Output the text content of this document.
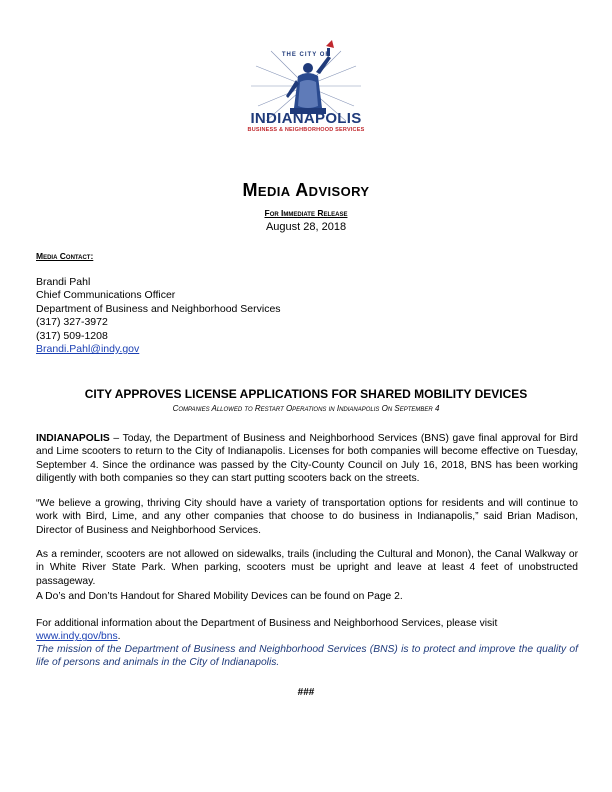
THE CITY OF
INDIANAPOLIS
BUSINESS & NEIGHBORHOOD SERVICES
Media Advisory
For Immediate Release
August 28, 2018
Media Contact:
Brandi Pahl
Chief Communications Officer
Department of Business and Neighborhood Services
(317) 327-3972
(317) 509-1208
Brandi.Pahl@indy.gov
CITY APPROVES LICENSE APPLICATIONS FOR SHARED MOBILITY DEVICES
Companies Allowed to Restart Operations in Indianapolis On September 4
INDIANAPOLIS – Today, the Department of Business and Neighborhood Services (BNS) gave final approval for Bird and Lime scooters to return to the City of Indianapolis. Licenses for both companies will become effective on Tuesday, September 4. Since the ordinance was passed by the City-County Council on July 16, 2018, BNS has been working diligently with both companies so they can start putting scooters back on the streets.
“We believe a growing, thriving City should have a variety of transportation options for residents and will continue to work with Bird, Lime, and any other companies that choose to do business in Indianapolis,” said Brian Madison, Director of Business and Neighborhood Services.
As a reminder, scooters are not allowed on sidewalks, trails (including the Cultural and Monon), the Canal Walkway or in White River State Park. When parking, scooters must be upright and leave at least 4 feet of unobstructed passageway.
A Do’s and Don’ts Handout for Shared Mobility Devices can be found on Page 2.
For additional information about the Department of Business and Neighborhood Services, please visit
www.indy.gov/bns.
The mission of the Department of Business and Neighborhood Services (BNS) is to protect and improve the quality of life of persons and animals in the City of Indianapolis.
###
